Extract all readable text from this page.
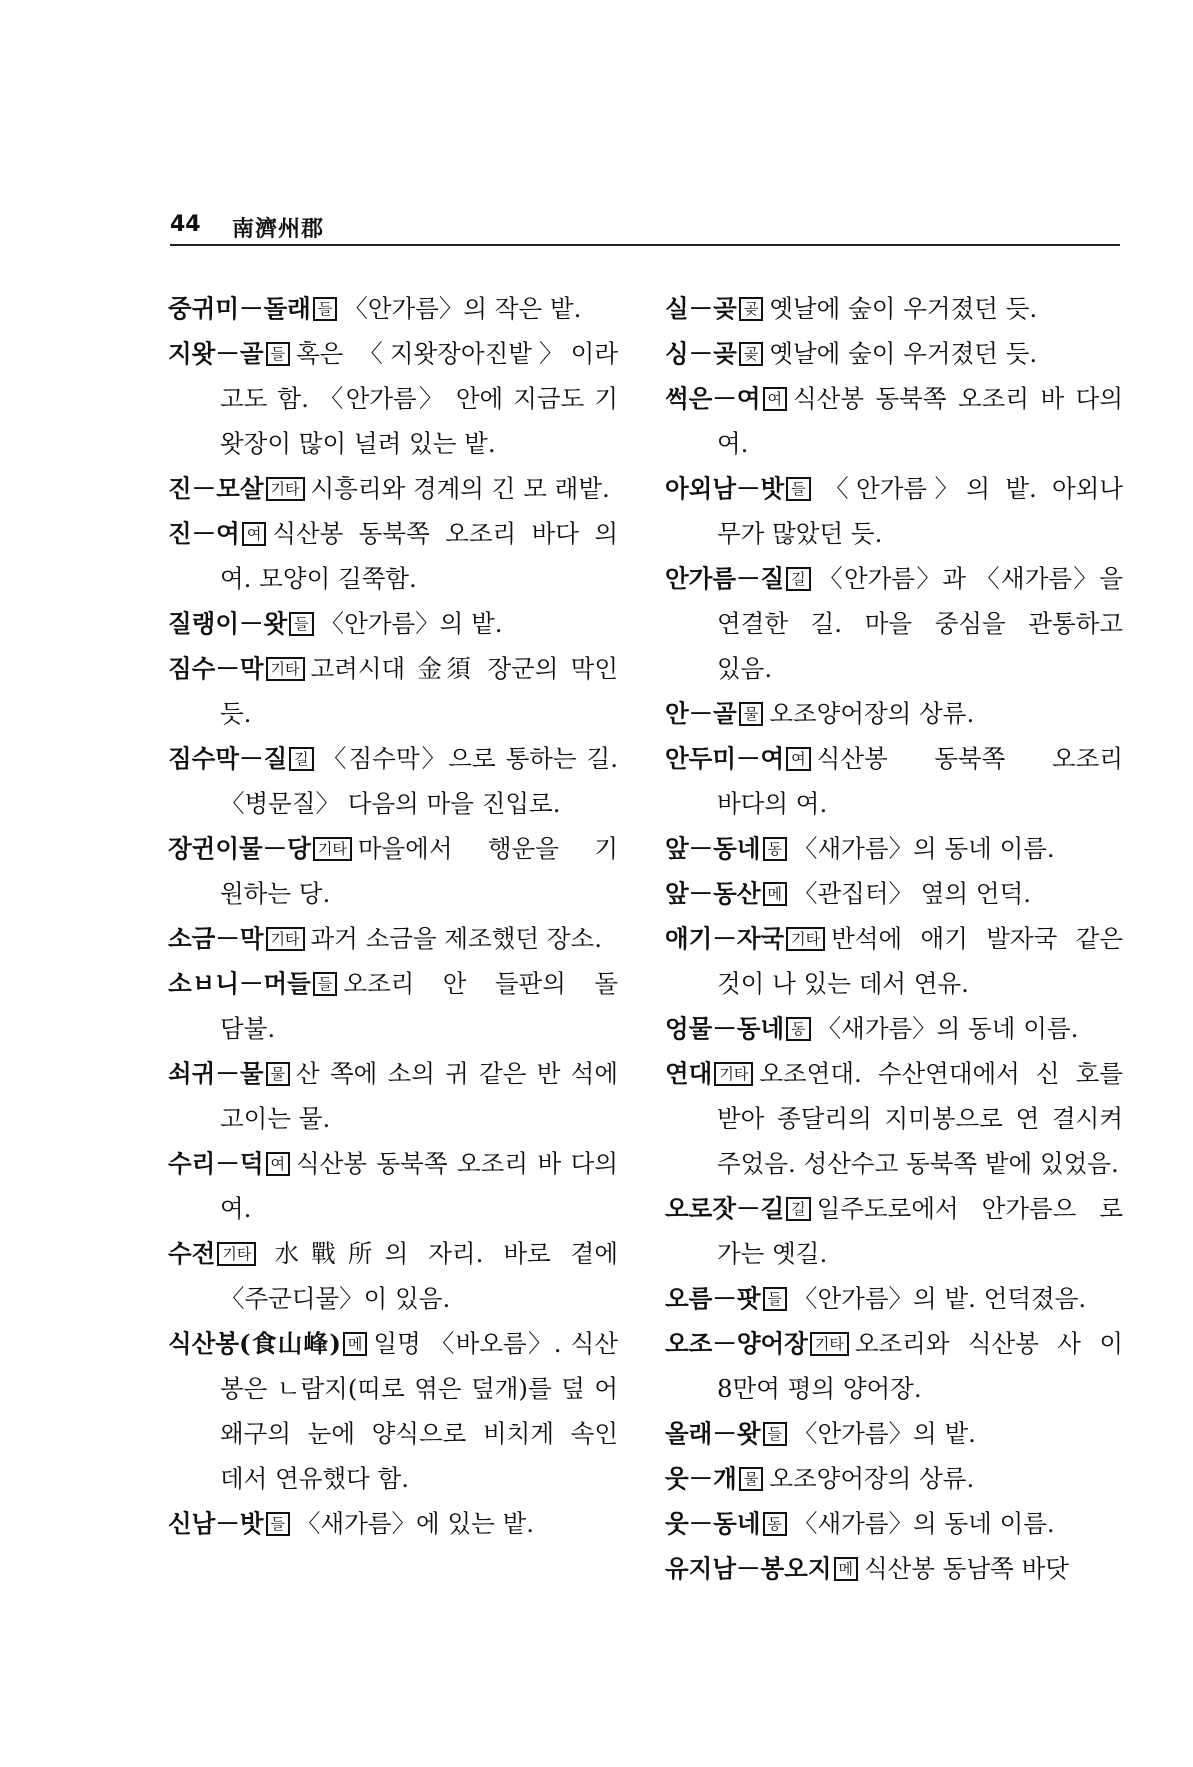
44 南濟州郡

중귀미－돌래 들 〈안가름〉의 작은 밭.

지왓－골 들 혹은 〈지왓장아진밭〉이라 고도 함. 〈안가름〉 안에 지금도 기 왓장이 많이 널려 있는 밭.

진－모살 기타 시흥리와 경계의 긴 모 래밭.

진－여 여 식산봉 동북쪽 오조리 바다 의 여. 모양이 길쭉함.

질랭이－왓 들 〈안가름〉의 밭.

짐수－막 기타 고려시대 金須 장군의 막인 듯.

짐수막－질 길 〈짐수막〉으로 통하는 길. 〈병문질〉 다음의 마을 진입로.

장귄이물－당 기타 마을에서 행운을 기 원하는 당.

소금－막 기타 과거 소금을 제조했던 장소.

소ㅂ니－머들 들 오조리 안 들판의 돌 담불.

쇠귀－물 물 산 쪽에 소의 귀 같은 반 석에 고이는 물.

수리－덕 여 식산봉 동북쪽 오조리 바 다의 여.

수전 기타 水戰所의 자리. 바로 곁에 〈주군디물〉이 있음.

식산봉(食山峰) 메 일명 〈바오름〉. 식산 봉은 ㄴ람지(띠로 엮은 덮개)를 덮 어 왜구의 눈에 양식으로 비치게 속인 데서 연유했다 함.

신남－밧 들 〈새가름〉에 있는 밭.

실－곶 곶 옛날에 숲이 우거졌던 듯.

싱－곶 곶 옛날에 숲이 우거졌던 듯.

썩은－여 여 식산봉 동북쪽 오조리 바 다의 여.

아외남－밧 들 〈안가름〉의 밭. 아외나 무가 많았던 듯.

안가름－질 길 〈안가름〉과 〈새가름〉을 연결한 길. 마을 중심을 관통하고 있음.

안－골 물 오조양어장의 상류.

안두미－여 여 식산봉 동북쪽 오조리 바다의 여.

앞－동네 동 〈새가름〉의 동네 이름.

앞－동산 메 〈관집터〉 옆의 언덕.

애기－자국 기타 반석에 애기 발자국 같은 것이 나 있는 데서 연유.

엉물－동네 동 〈새가름〉의 동네 이름.

연대 기타 오조연대. 수산연대에서 신 호를 받아 종달리의 지미봉으로 연 결시켜 주었음. 성산수고 동북쪽 밭에 있었음.

오로잣－길 길 일주도로에서 안가름으 로 가는 옛길.

오름－팟 들 〈안가름〉의 밭. 언덕졌음.

오조－양어장 기타 오조리와 식산봉 사 이 8만여 평의 양어장.

올래－왓 들 〈안가름〉의 밭.

웃－개 물 오조양어장의 상류.

웃－동네 동 〈새가름〉의 동네 이름.

유지남－봉오지 메 식산봉 동남쪽 바닷
